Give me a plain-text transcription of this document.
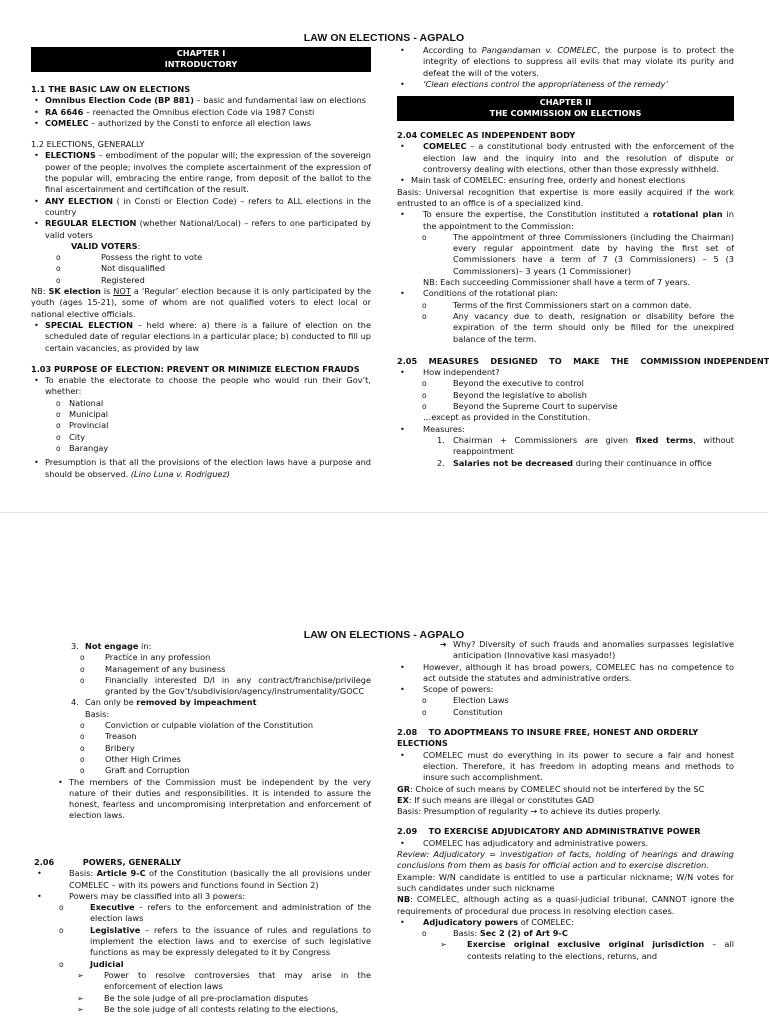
LAW ON ELECTIONS - AGPALO
CHAPTER I
INTRODUCTORY
1.1 THE BASIC LAW ON ELECTIONS
• Omnibus Election Code (BP 881) – basic and fundamental law on elections
• RA 6646 – reenacted the Omnibus election Code via 1987 Consti
• COMELEC – authorized by the Consti to enforce all election laws
1.2 ELECTIONS, GENERALLY
• ELECTIONS – embodiment of the popular will; the expression of the sovereign power of the people; involves the complete ascertainment of the expression of the popular will, embracing the entire range, from deposit of the ballot to the final ascertainment and certification of the result.
• ANY ELECTION ( in Consti or Election Code) – refers to ALL elections in the country
• REGULAR ELECTION (whether National/Local) – refers to one participated by valid voters
VALID VOTERS:
o Possess the right to vote
o Not disqualified
o Registered
NB: SK election is NOT a ‘Regular’ election because it is only participated by the youth (ages 15-21), some of whom are not qualified voters to elect local or national elective officials.
• SPECIAL ELECTION – held where: a) there is a failure of election on the scheduled date of regular elections in a particular place; b) conducted to fill up certain vacancies, as provided by law
1.03 PURPOSE OF ELECTION: PREVENT OR MINIMIZE ELECTION FRAUDS
• To enable the electorate to choose the people who would run their Gov’t, whether:
o National
o Municipal
o Provincial
o City
o Barangay
• Presumption is that all the provisions of the election laws have a purpose and should be observed. (Lino Luna v. Rodriguez)
• According to Pangandaman v. COMELEC, the purpose is to protect the integrity of elections to suppress all evils that may violate its purity and defeat the will of the voters.
• ‘Clean elections control the appropriateness of the remedy’
CHAPTER II
THE COMMISSION ON ELECTIONS
2.04 COMELEC AS INDEPENDENT BODY
• COMELEC – a constitutional body entrusted with the enforcement of the election law and the inquiry into and the resolution of dispute or controversy dealing with elections, other than those expressly withheld.
• Main task of COMELEC: ensuring free, orderly and honest elections
Basis: Universal recognition that expertise is more easily acquired if the work entrusted to an office is of a specialized kind.
• To ensure the expertise, the Constitution instituted a rotational plan in the appointment to the Commission:
o The appointment of three Commissioners (including the Chairman) every regular appointment date by having the first set of Commissioners have a term of 7 (3 Commissioners) – 5 (3 Commissioners)– 3 years (1 Commissioner)
NB: Each succeeding Commissioner shall have a term of 7 years.
• Conditions of the rotational plan:
o Terms of the first Commissioners start on a common date.
o Any vacancy due to death, resignation or disability before the expiration of the term should only be filled for the unexpired balance of the term.
2.05    MEASURES    DESIGNED    TO    MAKE    THE    COMMISSION INDEPENDENT
• How independent?
o Beyond the executive to control
o Beyond the legislative to abolish
o Beyond the Supreme Court to supervise
…except as provided in the Constitution.
• Measures:
1. Chairman + Commissioners are given fixed terms, without reappointment
2. Salaries not be decreased during their continuance in office
LAW ON ELECTIONS - AGPALO
3. Not engage in:
o Practice in any profession
o Management of any business
o Financially interested D/I in any contract/franchise/privilege granted by the Gov’t/subdivision/agency/instrumentality/GOCC
4. Can only be removed by impeachment
Basis:
o Conviction or culpable violation of the Constitution
o Treason
o Bribery
o Other High Crimes
o Graft and Corruption
• The members of the Commission must be independent by the very nature of their duties and responsibilities. It is intended to assure the honest, fearless and uncompromising interpretation and enforcement of election laws.
2.06          POWERS, GENERALLY
• Basis: Article 9-C of the Constitution (basically the all provisions under COMELEC – with its powers and functions found in Section 2)
• Powers may be classified into all 3 powers:
o Executive – refers to the enforcement and administration of the election laws
o Legislative – refers to the issuance of rules and regulations to implement the election laws and to exercise of such legislative functions as may be expressly delegated to it by Congress
o Judicial
➢ Power to resolve controversies that may arise in the enforcement of election laws
➢ Be the sole judge of all pre-proclamation disputes
➢ Be the sole judge of all contests relating to the elections,
➔ Why? Diversity of such frauds and anomalies surpasses legislative anticipation (Innovative kasi masyado!)
• However, although it has broad powers, COMELEC has no competence to act outside the statutes and administrative orders.
• Scope of powers:
o Election Laws
o Constitution
2.08    TO ADOPTMEANS TO INSURE FREE, HONEST AND ORDERLY ELECTIONS
• COMELEC must do everything in its power to secure a fair and honest election. Therefore, it has freedom in adopting means and methods to insure such accomplishment.
GR: Choice of such means by COMELEC should not be interfered by the SC
EX: If such means are illegal or constitutes GAD
Basis: Presumption of regularity → to achieve its duties properly.
2.09    TO EXERCISE ADJUDICATORY AND ADMINISTRATIVE POWER
• COMELEC has adjudicatory and administrative powers.
Review: Adjudicatory = investigation of facts, holding of hearings and drawing conclusions from them as basis for official action and to exercise discretion.
Example: W/N candidate is entitled to use a particular nickname; W/N votes for such candidates under such nickname
NB: COMELEC, although acting as a quasi-judicial tribunal, CANNOT ignore the requirements of procedural due process in resolving election cases.
• Adjudicatory powers of COMELEC:
o Basis: Sec 2 (2) of Art 9-C
➢ Exercise original exclusive original jurisdiction – all contests relating to the elections, returns, and
